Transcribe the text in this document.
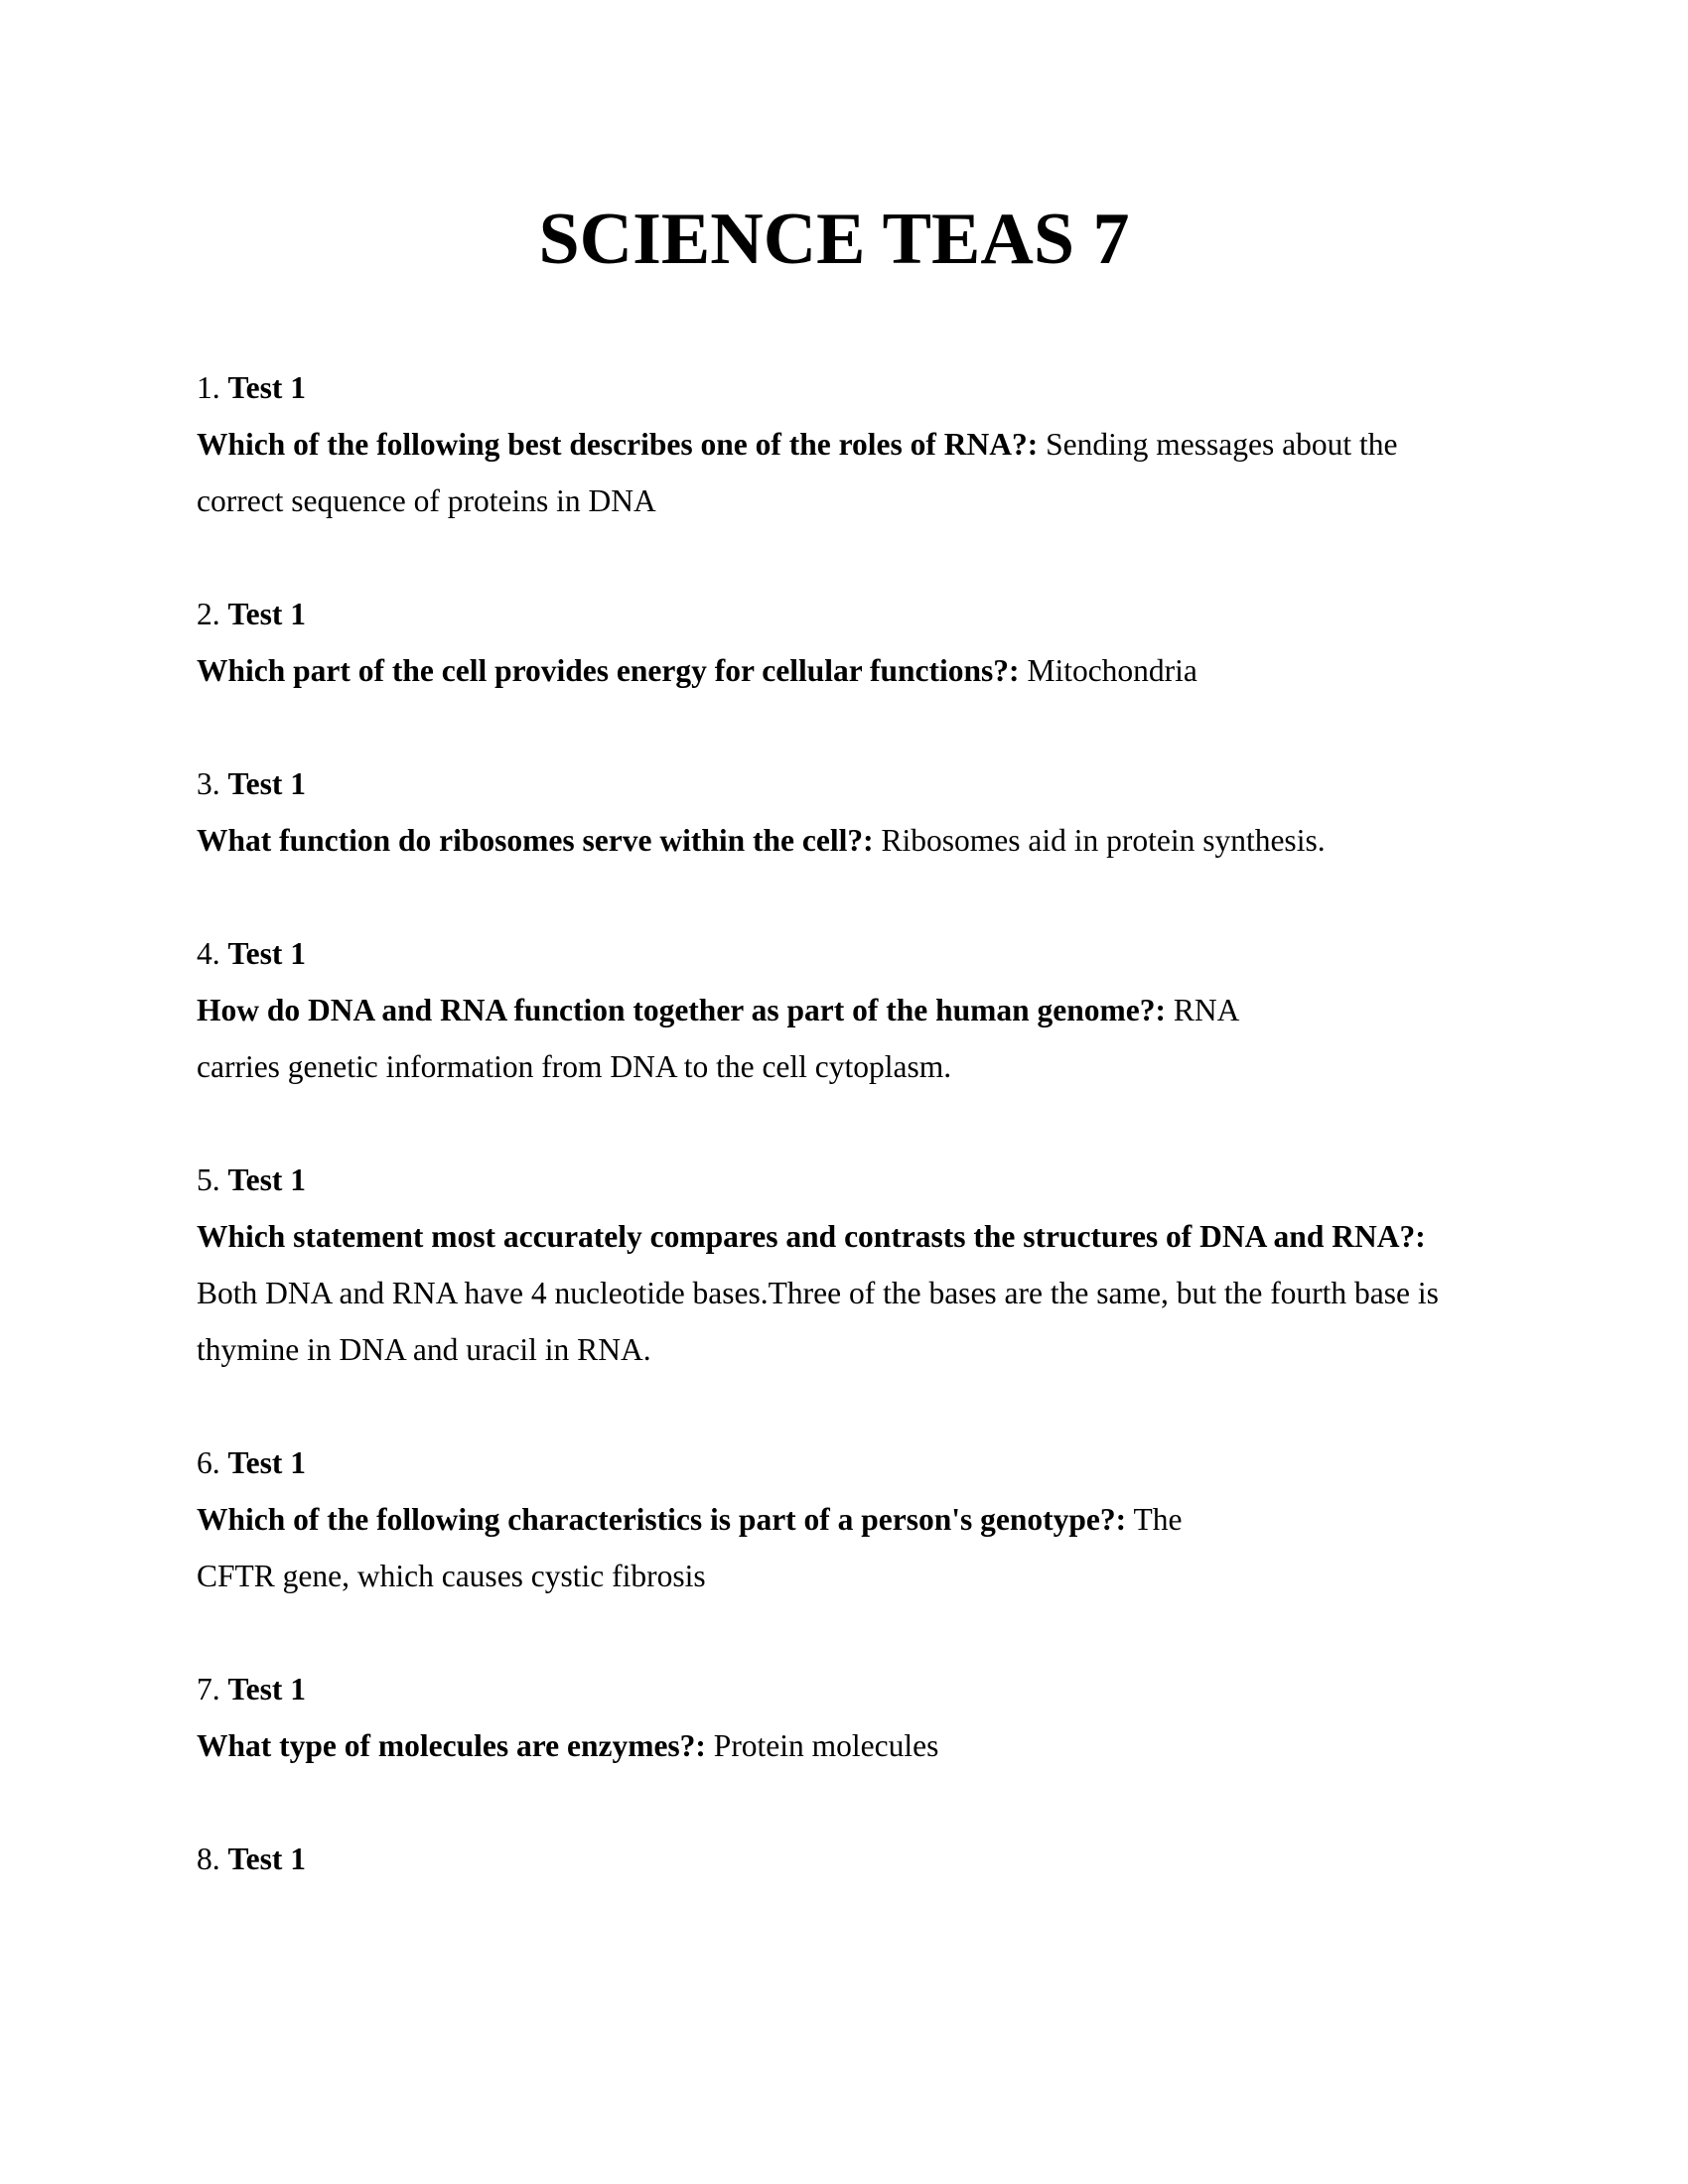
SCIENCE TEAS 7
1. Test 1
Which of the following best describes one of the roles of RNA?: Sending messages about the correct sequence of proteins in DNA
2. Test 1
Which part of the cell provides energy for cellular functions?: Mitochondria
3. Test 1
What function do ribosomes serve within the cell?: Ribosomes aid in protein synthesis.
4. Test 1
How do DNA and RNA function together as part of the human genome?: RNA
carries genetic information from DNA to the cell cytoplasm.
5. Test 1
Which statement most accurately compares and contrasts the structures of DNA and RNA?: Both DNA and RNA have 4 nucleotide bases.Three of the bases are the same, but the fourth base is thymine in DNA and uracil in RNA.
6. Test 1
Which of the following characteristics is part of a person's genotype?: The
CFTR gene, which causes cystic fibrosis
7. Test 1
What type of molecules are enzymes?: Protein molecules
8. Test 1
